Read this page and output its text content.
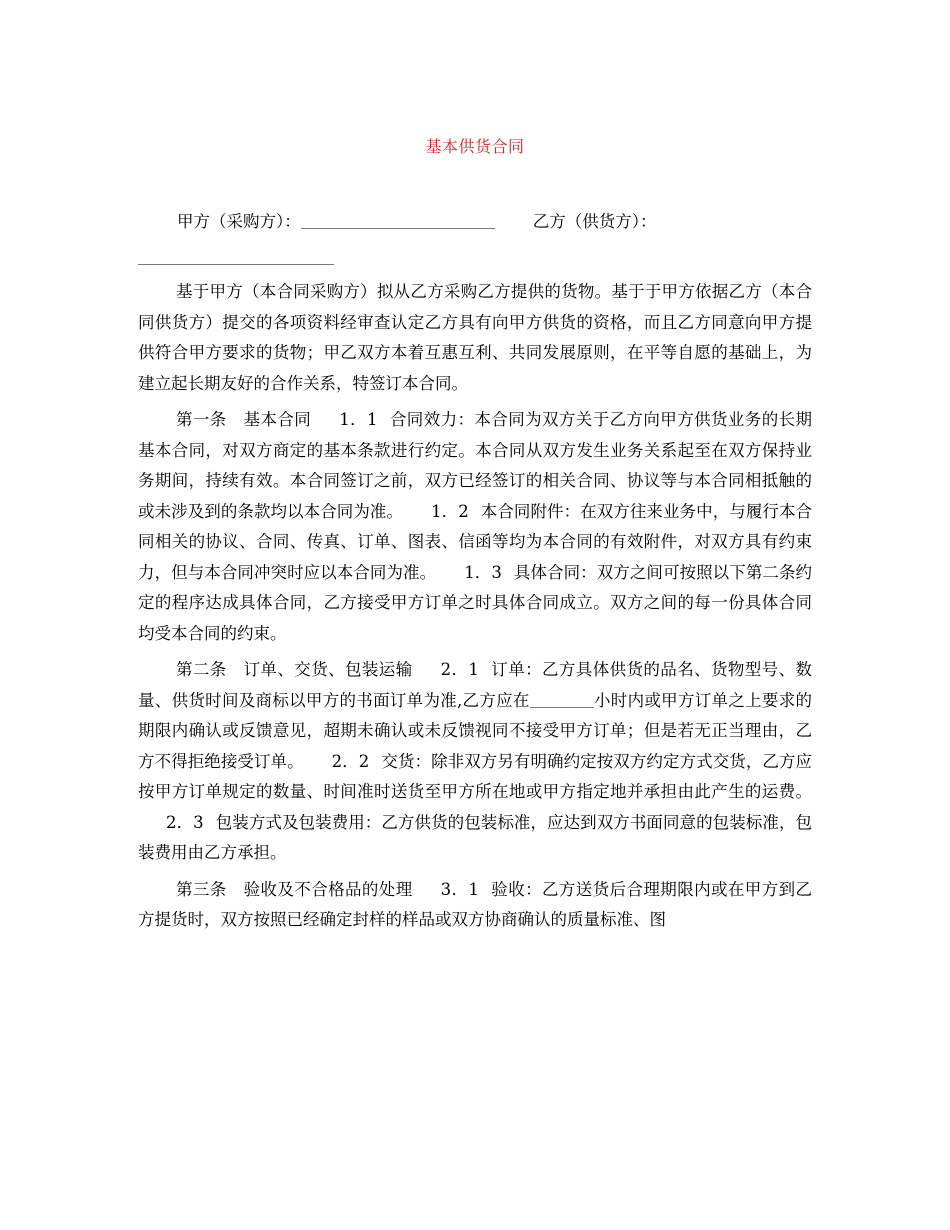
基本供货合同
甲方（采购方）：	乙方（供货方）：

基于甲方（本合同采购方）拟从乙方采购乙方提供的货物。基于于甲方依据乙方（本合同供货方）提交的各项资料经审查认定乙方具有向甲方供货的资格，而且乙方同意向甲方提供符合甲方要求的货物；甲乙双方本着互惠互利、共同发展原则，在平等自愿的基础上，为建立起长期友好的合作关系，特签订本合同。

第一条　基本合同 1．1 合同效力：本合同为双方关于乙方向甲方供货业务的长期基本合同，对双方商定的基本条款进行约定。本合同从双方发生业务关系起至在双方保持业务期间，持续有效。本合同签订之前，双方已经签订的相关合同、协议等与本合同相抵触的或未涉及到的条款均以本合同为准。 1．2 本合同附件：在双方往来业务中，与履行本合同相关的协议、合同、传真、订单、图表、信函等均为本合同的有效附件，对双方具有约束力，但与本合同冲突时应以本合同为准。 1．3 具体合同：双方之间可按照以下第二条约定的程序达成具体合同，乙方接受甲方订单之时具体合同成立。双方之间的每一份具体合同均受本合同的约束。

第二条　订单、交货、包装运输 2．1 订单：乙方具体供货的品名、货物型号、数量、供货时间及商标以甲方的书面订单为准,乙方应在	小时内或甲方订单之上要求的期限内确认或反馈意见，超期未确认或未反馈视同不接受甲方订单；但是若无正当理由，乙方不得拒绝接受订单。 2．2 交货：除非双方另有明确约定按双方约定方式交货，乙方应按甲方订单规定的数量、时间准时送货至甲方所在地或甲方指定地并承担由此产生的运费。2．3 包装方式及包装费用：乙方供货的包装标准，应达到双方书面同意的包装标准，包装费用由乙方承担。

第三条　验收及不合格品的处理 3．1 验收：乙方送货后合理期限内或在甲方到乙方提货时，双方按照已经确定封样的样品或双方协商确认的质量标准、图
